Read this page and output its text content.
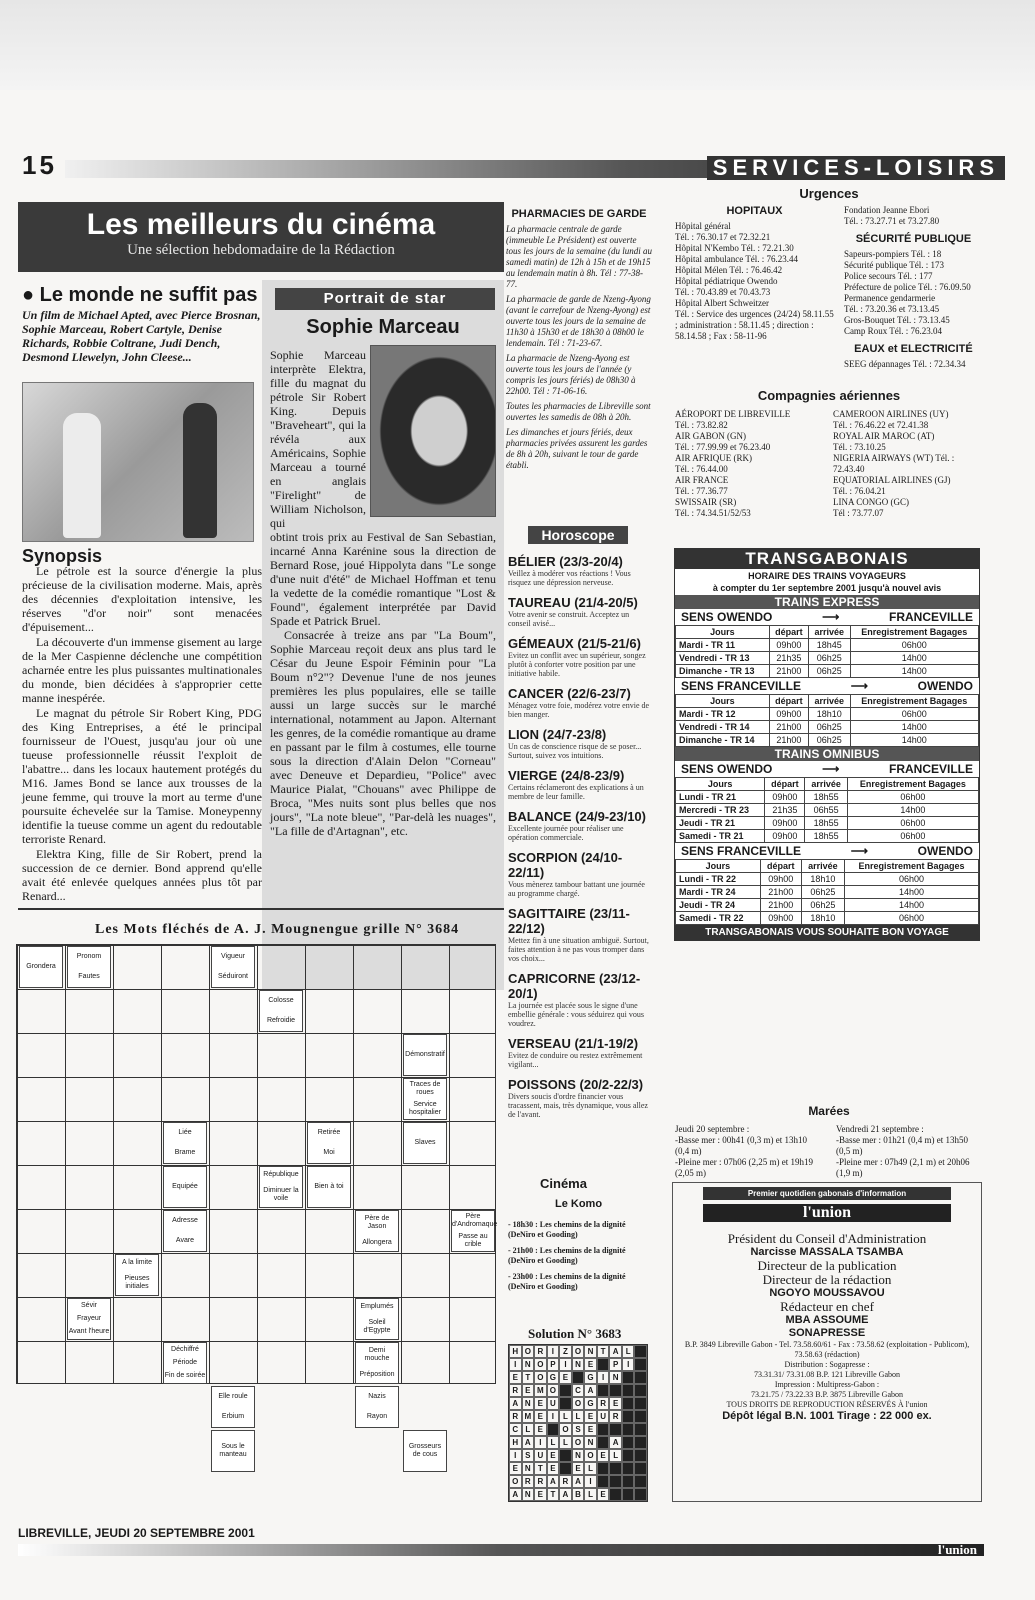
15	SERVICES-LOISIRS
Les meilleurs du cinéma

Une sélection hebdomadaire de la Rédaction

● Le monde ne suffit pas
Un film de Michael Apted, avec Pierce Brosnan, Sophie Marceau, Robert Cartyle, Denise Richards, Robbie Coltrane, Judi Dench, Desmond Llewelyn, John Cleese...
Synopsis

Le pétrole est la source d'énergie la plus précieuse de la civilisation moderne. Mais, après des décennies d'exploitation intensive, les réserves "d'or noir" sont menacées d'épuisement...

La découverte d'un immense gisement au large de la Mer Caspienne déclenche une compétition acharnée entre les plus puissantes multinationales du monde, bien décidées à s'approprier cette manne inespérée.

Le magnat du pétrole Sir Robert King, PDG des King Entreprises, a été le principal fournisseur de l'Ouest, jusqu'au jour où une tueuse professionnelle réussit l'exploit de l'abattre... dans les locaux hautement protégés du M16. James Bond se lance aux trousses de la jeune femme, qui trouve la mort au terme d'une poursuite échevelée sur la Tamise. Moneypenny identifie la tueuse comme un agent du redoutable terroriste Renard.

Elektra King, fille de Sir Robert, prend la succession de ce dernier. Bond apprend qu'elle avait été enlevée quelques années plus tôt par Renard...

Portrait de star
Sophie Marceau

Sophie Marceau interprète Elektra, fille du magnat du pétrole Sir Robert King. Depuis "Braveheart", qui la révéla aux Américains, Sophie Marceau a tourné en anglais "Firelight" de William Nicholson, qui

obtint trois prix au Festival de San Sebastian, incarné Anna Karénine sous la direction de Bernard Rose, joué Hippolyta dans "Le songe d'une nuit d'été" de Michael Hoffman et tenu la vedette de la comédie romantique "Lost & Found", également interprétée par David Spade et Patrick Bruel.

Consacrée à treize ans par "La Boum", Sophie Marceau reçoit deux ans plus tard le César du Jeune Espoir Féminin pour "La Boum n°2"? Devenue l'une de nos jeunes premières les plus populaires, elle se taille aussi un large succès sur le marché international, notamment au Japon. Alternant les genres, de la comédie romantique au drame en passant par le film à costumes, elle tourne sous la direction d'Alain Delon "Corneau" avec Deneuve et Depardieu, "Police" avec Maurice Pialat, "Chouans" avec Philippe de Broca, "Mes nuits sont plus belles que nos jours", "La note bleue", "Par-delà les nuages", "La fille de d'Artagnan", etc.

Les Mots fléchés de A. J. Mougnengue grille N° 3684
Grondera
Pronom
Fautes
Vigueur
Séduiront
Colosse
Refroidie
Démonstratif
Traces de roues
Service hospitalier
Slaves
Liée
Brame
Equipée
Retirée
Moi
Bien à toi
République
Diminuer la voile
Adresse
Avare
Père de Jason
Allongera
Père d'Andromaque
Passe au crible
A la limite
Pieuses initiales
Sévir
Frayeur
Avant l'heure
Emplumés
Soleil d'Egypte
Déchiffré
Période
Fin de soirée
Demi mouche
Préposition
Elle roule
Erbium
Nazis
Rayon
Sous le manteau
Grosseurs de cous
PHARMACIES DE GARDE

La pharmacie centrale de garde (immeuble Le Président) est ouverte tous les jours de la semaine (du lundi au samedi matin) de 12h à 15h et de 19h15 au lendemain matin à 8h. Tél : 77-38-77.

La pharmacie de garde de Nzeng-Ayong (avant le carrefour de Nzeng-Ayong) est ouverte tous les jours de la semaine de 11h30 à 15h30 et de 18h30 à 08h00 le lendemain. Tél : 71-23-67.

La pharmacie de Nzeng-Ayong est ouverte tous les jours de l'année (y compris les jours fériés) de 08h30 à 22h00. Tél : 71-06-16.

Toutes les pharmacies de Libreville sont ouvertes les samedis de 08h à 20h.

Les dimanches et jours fériés, deux pharmacies privées assurent les gardes de 8h à 20h, suivant le tour de garde établi.

Horoscope
BÉLIER (23/3-20/4)
Veillez à modérer vos réactions ! Vous risquez une dépression nerveuse.
TAUREAU (21/4-20/5)
Votre avenir se construit. Acceptez un conseil avisé...
GÉMEAUX (21/5-21/6)
Evitez un conflit avec un supérieur, songez plutôt à conforter votre position par une initiative habile.
CANCER (22/6-23/7)
Ménagez votre foie, modérez votre envie de bien manger.
LION (24/7-23/8)
Un cas de conscience risque de se poser... Surtout, suivez vos intuitions.
VIERGE (24/8-23/9)
Certains réclameront des explications à un membre de leur famille.
BALANCE (24/9-23/10)
Excellente journée pour réaliser une opération commerciale.
SCORPION (24/10-22/11)
Vous mènerez tambour battant une journée au programme chargé.
SAGITTAIRE (23/11-22/12)
Mettez fin à une situation ambiguë. Surtout, faites attention à ne pas vous tromper dans vos choix...
CAPRICORNE (23/12-20/1)
La journée est placée sous le signe d'une embellie générale : vous séduirez qui vous voudrez.
VERSEAU (21/1-19/2)
Evitez de conduire ou restez extrêmement vigilant...
POISSONS (20/2-22/3)
Divers soucis d'ordre financier vous tracassent, mais, très dynamique, vous allez de l'avant.
Cinéma
Le Komo

- 18h30 : Les chemins de la dignité (DeNiro et Gooding)

- 21h00 : Les chemins de la dignité (DeNiro et Gooding)

- 23h00 : Les chemins de la dignité (DeNiro et Gooding)

Solution N° 3683
H O R	I	Z O N T A L
I	N O P	I	N E	P	I
E T O G E	G	I	N
R E M O	C A
A N E U	O G R E
R M E	I	L L E U R
C L E	O S E
H A	I	L L O N	A
I	S U E	N O E L
E N T E	E L
O R R A R A	I
A N E T A B L E
Urgences
HOPITAUX
Hôpital général
Tél. : 76.30.17 et 72.32.21
Hôpital N'Kembo Tél. : 72.21.30
Hôpital ambulance Tél. : 76.23.44
Hôpital Mélen Tél. : 76.46.42
Hôpital pédiatrique Owendo
Tél. : 70.43.89 et 70.43.73
Hôpital Albert Schweitzer
Tél. : Service des urgences (24/24) 58.11.55 ; administration : 58.11.45 ; direction : 58.14.58 ; Fax : 58-11-96
Fondation Jeanne Ebori
Tél. : 73.27.71 et 73.27.80
SÉCURITÉ PUBLIQUE
Sapeurs-pompiers Tél. : 18
Sécurité publique Tél. : 173
Police secours Tél. : 177
Préfecture de police Tél. : 76.09.50
Permanence gendarmerie
Tél. : 73.20.36 et 73.13.45
Gros-Bouquet Tél. : 73.13.45
Camp Roux Tél. : 76.23.04
EAUX et ELECTRICITÉ
SEEG dépannages Tél. : 72.34.34
Compagnies aériennes
AÉROPORT DE LIBREVILLE
Tél. : 73.82.82
AIR GABON (GN)
Tél. : 77.99.99 et 76.23.40
AIR AFRIQUE (RK)
Tél. : 76.44.00
AIR FRANCE
Tél. : 77.36.77
SWISSAIR (SR)
Tél. : 74.34.51/52/53
CAMEROON AIRLINES (UY)
Tél. : 76.46.22 et 72.41.38
ROYAL AIR MAROC (AT)
Tél. : 73.10.25
NIGERIA AIRWAYS (WT) Tél. : 72.43.40
EQUATORIAL AIRLINES (GJ)
Tél. : 76.04.21
LINA CONGO (GC)
Tél : 73.77.07
TRANSGABONAIS
HORAIRE DES TRAINS VOYAGEURS
à compter du 1er septembre 2001 jusqu'à nouvel avis
TRAINS EXPRESS
SENS OWENDO	⟶	FRANCEVILLE
Jours	départ	arrivée	Enregistrement Bagages
Mardi - TR 11	09h00	18h45	06h00
Vendredi - TR 13	21h35	06h25	14h00
Dimanche - TR 13	21h00	06h25	14h00
SENS FRANCEVILLE	⟶	OWENDO
Jours	départ	arrivée	Enregistrement Bagages
Mardi - TR 12	09h00	18h10	06h00
Vendredi - TR 14	21h00	06h25	14h00
Dimanche - TR 14	21h00	06h25	14h00
TRAINS OMNIBUS
SENS OWENDO	⟶	FRANCEVILLE
Jours	départ	arrivée	Enregistrement Bagages
Lundi - TR 21	09h00	18h55	06h00
Mercredi - TR 23	21h35	06h55	14h00
Jeudi - TR 21	09h00	18h55	06h00
Samedi - TR 21	09h00	18h55	06h00
SENS FRANCEVILLE	⟶	OWENDO
Jours	départ	arrivée	Enregistrement Bagages
Lundi - TR 22	09h00	18h10	06h00
Mardi - TR 24	21h00	06h25	14h00
Jeudi - TR 24	21h00	06h25	14h00
Samedi - TR 22	09h00	18h10	06h00
TRANSGABONAIS VOUS SOUHAITE BON VOYAGE
Marées
Jeudi 20 septembre :
-Basse mer : 00h41 (0,3 m) et 13h10 (0,4 m)
-Pleine mer : 07h06 (2,25 m) et 19h19 (2,05 m)
Vendredi 21 septembre :
-Basse mer : 01h21 (0,4 m) et 13h50 (0,5 m)
-Pleine mer : 07h49 (2,1 m) et 20h06 (1,9 m)
Premier quotidien gabonais d'information
l'union
Président du Conseil d'Administration
Narcisse MASSALA TSAMBA
Directeur de la publication
Directeur de la rédaction
NGOYO MOUSSAVOU
Rédacteur en chef
MBA ASSOUME
SONAPRESSE
B.P. 3849 Libreville Gabon - Tel. 73.58.60/61 - Fax : 73.58.62 (exploitation - Publicom), 73.58.63 (rédaction)
Distribution : Sogapresse :
73.31.31/ 73.31.08 B.P. 121 Libreville Gabon
Impression : Multipress-Gabon :
73.21.75 / 73.22.33 B.P. 3875 Libreville Gabon
TOUS DROITS DE REPRODUCTION RÉSERVÉS À l'union
Dépôt légal B.N. 1001 Tirage : 22 000 ex.
LIBREVILLE, JEUDI 20 SEPTEMBRE 2001
l'union
